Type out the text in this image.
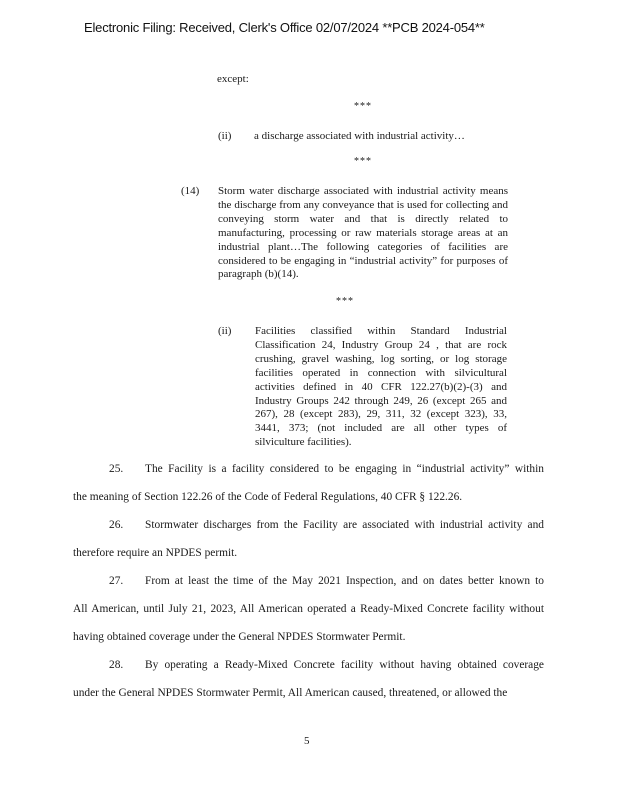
Electronic Filing: Received, Clerk's Office 02/07/2024 **PCB 2024-054**
except:
***
(ii) a discharge associated with industrial activity…
***
(14) Storm water discharge associated with industrial activity means the discharge from any conveyance that is used for collecting and conveying storm water and that is directly related to manufacturing, processing or raw materials storage areas at an industrial plant…The following categories of facilities are considered to be engaging in “industrial activity” for purposes of paragraph (b)(14).
***
(ii) Facilities classified within Standard Industrial Classification 24, Industry Group 24 , that are rock crushing, gravel washing, log sorting, or log storage facilities operated in connection with silvicultural activities defined in 40 CFR 122.27(b)(2)-(3) and Industry Groups 242 through 249, 26 (except 265 and 267), 28 (except 283), 29, 311, 32 (except 323), 33, 3441, 373; (not included are all other types of silviculture facilities).
25. The Facility is a facility considered to be engaging in “industrial activity” within
the meaning of Section 122.26 of the Code of Federal Regulations, 40 CFR § 122.26.
26. Stormwater discharges from the Facility are associated with industrial activity and
therefore require an NPDES permit.
27. From at least the time of the May 2021 Inspection, and on dates better known to
All American, until July 21, 2023, All American operated a Ready-Mixed Concrete facility without having obtained coverage under the General NPDES Stormwater Permit.
28. By operating a Ready-Mixed Concrete facility without having obtained coverage
under the General NPDES Stormwater Permit, All American caused, threatened, or allowed the
5
